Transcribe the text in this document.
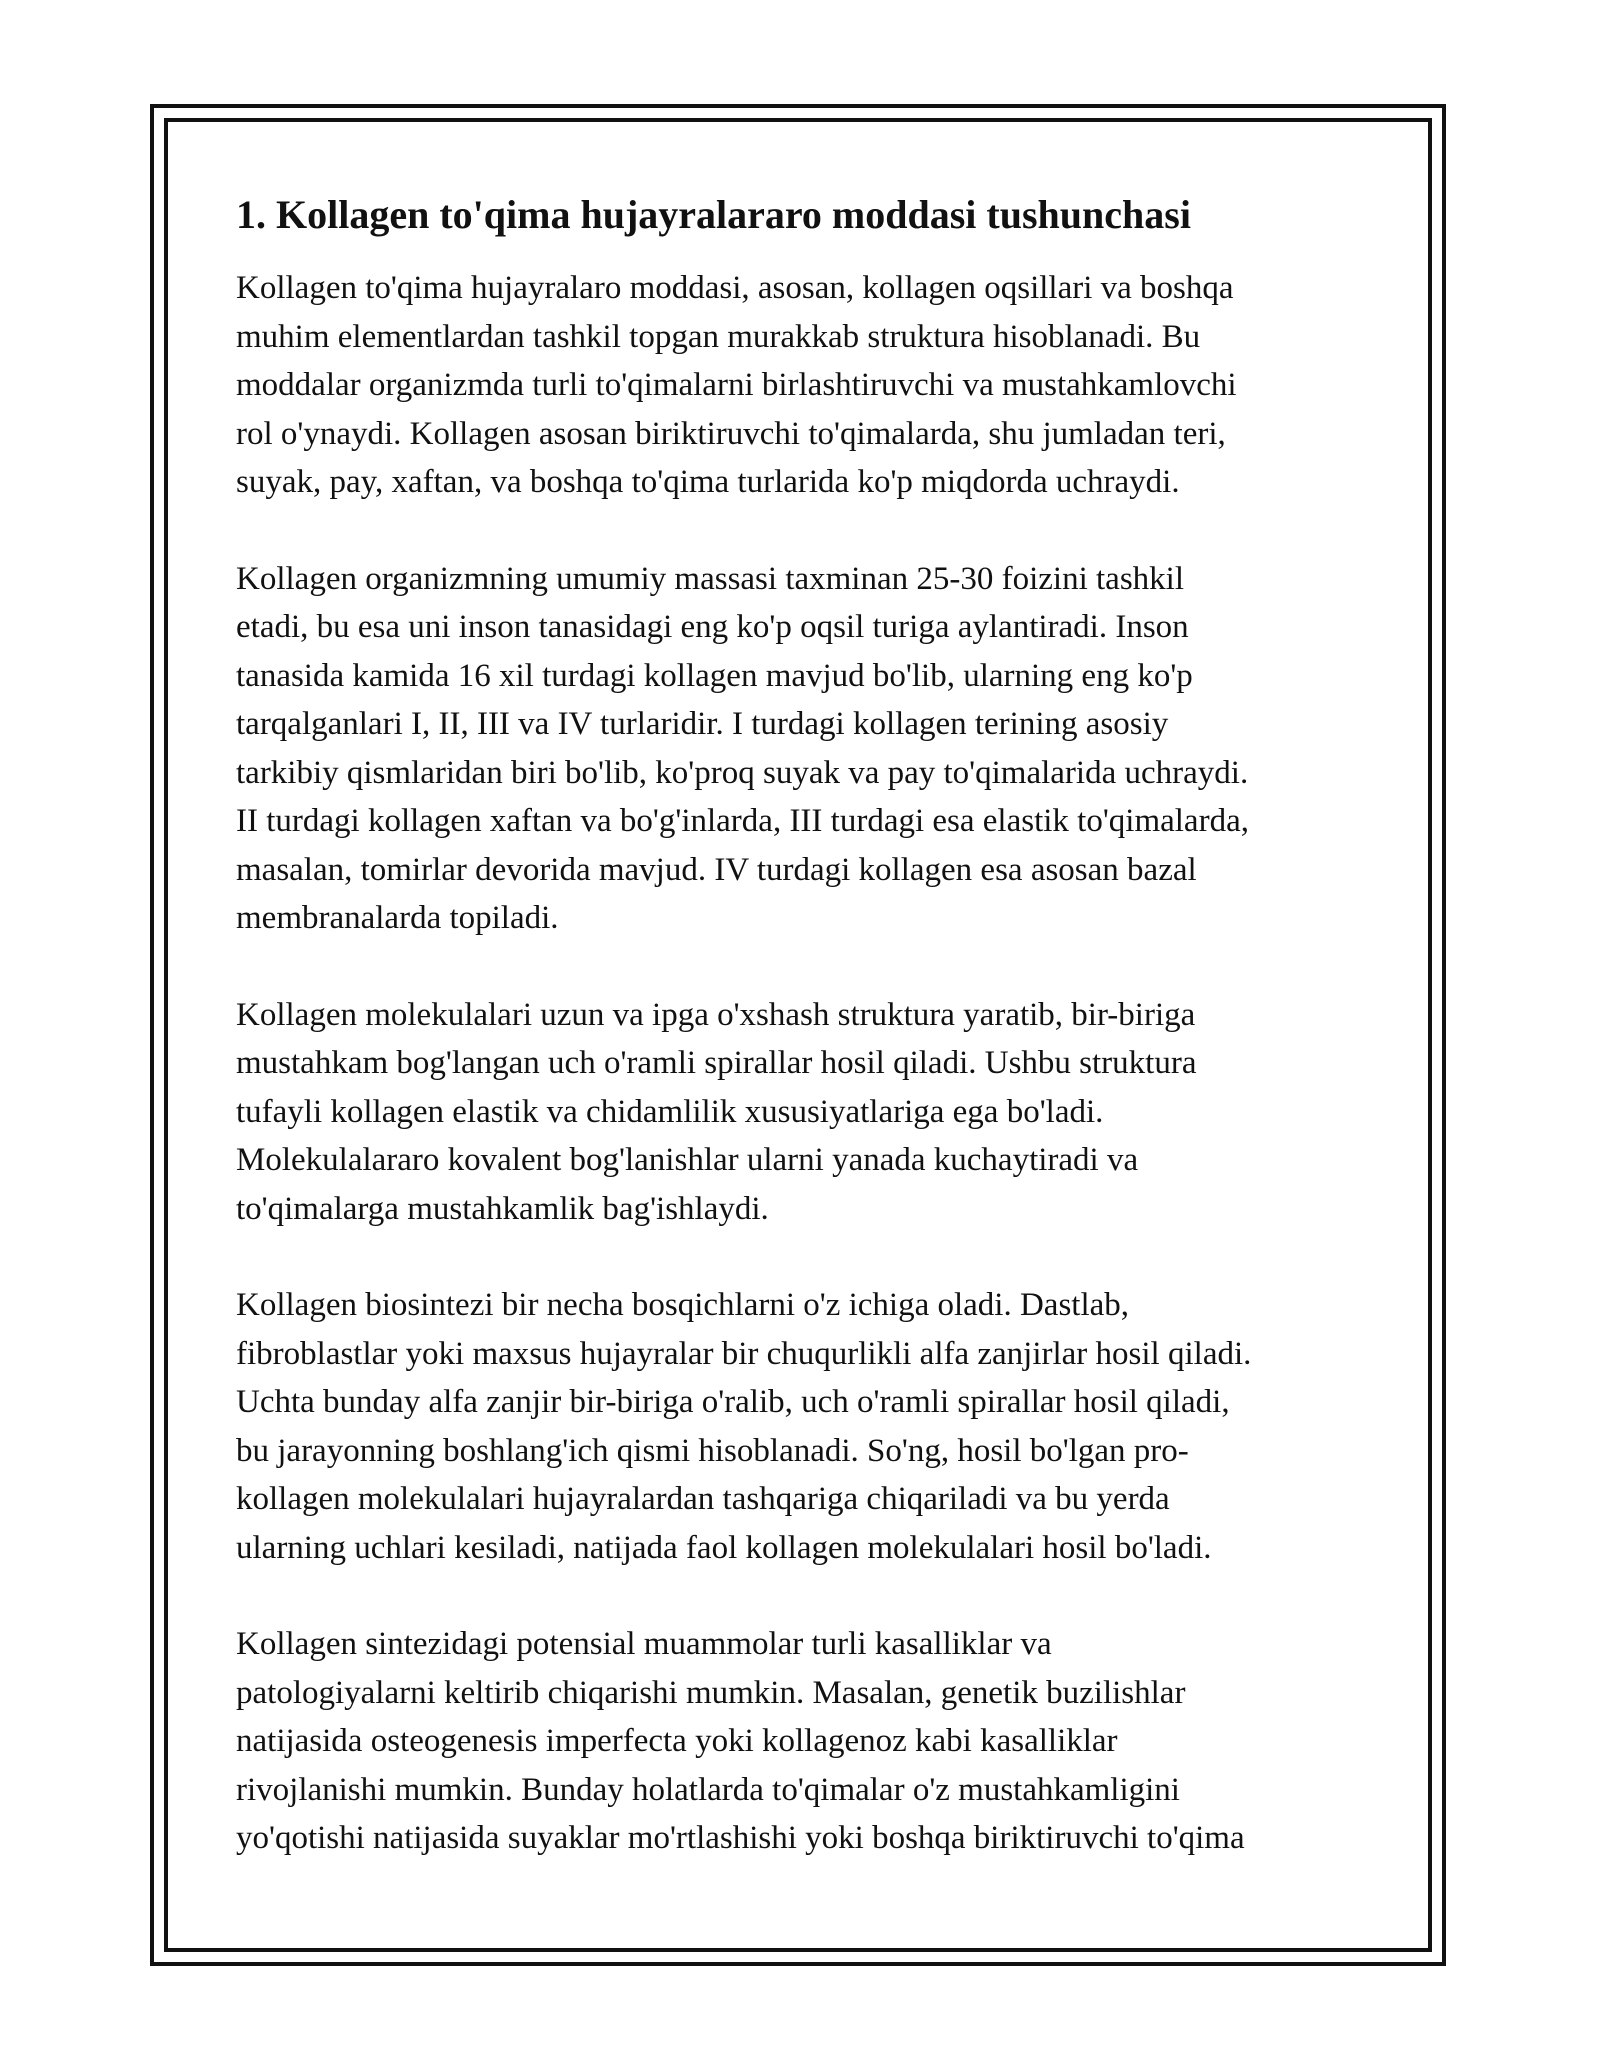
1. Kollagen to'qima hujayralararo moddasi tushunchasi

Kollagen to'qima hujayralaro moddasi, asosan, kollagen oqsillari va boshqa
muhim elementlardan tashkil topgan murakkab struktura hisoblanadi. Bu
moddalar organizmda turli to'qimalarni birlashtiruvchi va mustahkamlovchi
rol o'ynaydi. Kollagen asosan biriktiruvchi to'qimalarda, shu jumladan teri,
suyak, pay, xaftan, va boshqa to'qima turlarida ko'p miqdorda uchraydi.

Kollagen organizmning umumiy massasi taxminan 25-30 foizini tashkil
etadi, bu esa uni inson tanasidagi eng ko'p oqsil turiga aylantiradi. Inson
tanasida kamida 16 xil turdagi kollagen mavjud bo'lib, ularning eng ko'p
tarqalganlari I, II, III va IV turlaridir. I turdagi kollagen terining asosiy
tarkibiy qismlaridan biri bo'lib, ko'proq suyak va pay to'qimalarida uchraydi.
II turdagi kollagen xaftan va bo'g'inlarda, III turdagi esa elastik to'qimalarda,
masalan, tomirlar devorida mavjud. IV turdagi kollagen esa asosan bazal
membranalarda topiladi.

Kollagen molekulalari uzun va ipga o'xshash struktura yaratib, bir-biriga
mustahkam bog'langan uch o'ramli spirallar hosil qiladi. Ushbu struktura
tufayli kollagen elastik va chidamlilik xususiyatlariga ega bo'ladi.
Molekulalararo kovalent bog'lanishlar ularni yanada kuchaytiradi va
to'qimalarga mustahkamlik bag'ishlaydi.

Kollagen biosintezi bir necha bosqichlarni o'z ichiga oladi. Dastlab,
fibroblastlar yoki maxsus hujayralar bir chuqurlikli alfa zanjirlar hosil qiladi.
Uchta bunday alfa zanjir bir-biriga o'ralib, uch o'ramli spirallar hosil qiladi,
bu jarayonning boshlang'ich qismi hisoblanadi. So'ng, hosil bo'lgan pro-
kollagen molekulalari hujayralardan tashqariga chiqariladi va bu yerda
ularning uchlari kesiladi, natijada faol kollagen molekulalari hosil bo'ladi.

Kollagen sintezidagi potensial muammolar turli kasalliklar va
patologiyalarni keltirib chiqarishi mumkin. Masalan, genetik buzilishlar
natijasida osteogenesis imperfecta yoki kollagenoz kabi kasalliklar
rivojlanishi mumkin. Bunday holatlarda to'qimalar o'z mustahkamligini
yo'qotishi natijasida suyaklar mo'rtlashishi yoki boshqa biriktiruvchi to'qima
